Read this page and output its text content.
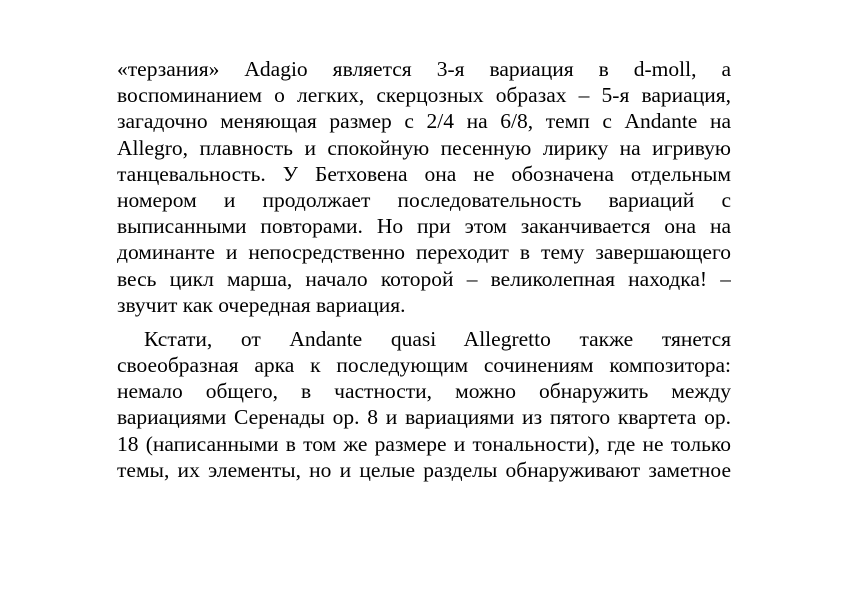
«терзания» Adagio является 3-я вариация в d-moll, а
воспоминанием о легких, скерцозных образах – 5-я вариация,
загадочно меняющая размер с 2/4 на 6/8, темп с Andante на
Allegro, плавность и спокойную песенную лирику на игривую
танцевальность. У Бетховена она не обозначена отдельным
номером и продолжает последовательность вариаций с
выписанными повторами. Но при этом заканчивается она на
доминанте и непосредственно переходит в тему завершающего
весь цикл марша, начало которой – великолепная находка! –
звучит как очередная вариация.

Кстати, от Andante quasi Allegretto также тянется
своеобразная арка к последующим сочинениям композитора:
немало общего, в частности, можно обнаружить между
вариациями Серенады ор. 8 и вариациями из пятого квартета ор.
18 (написанными в том же размере и тональности), где не только
темы, их элементы, но и целые разделы обнаруживают заметное
